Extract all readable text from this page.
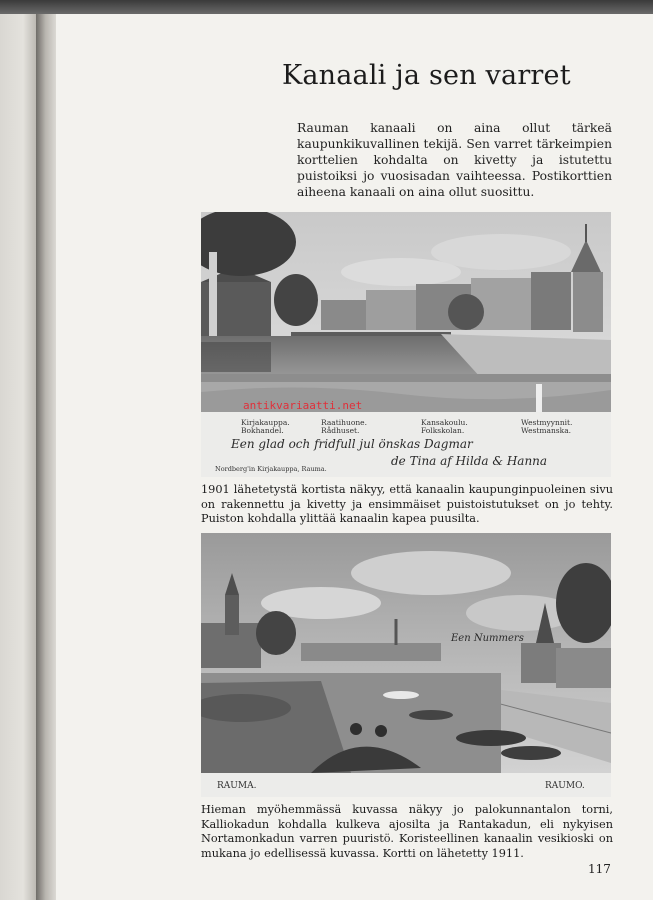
Kanaali ja sen varret
Rauman kanaali on aina ollut tärkeä kaupunkikuvallinen tekijä. Sen varret tärkeimpien korttelien kohdalta on kivetty ja istutettu puistoiksi jo vuosisadan vaihteessa. Postikorttien aiheena kanaali on aina ollut suosittu.
Kirjakauppa. Bokhandel.
Raatihuone. Rådhuset.
Kansakoulu. Folkskolan.
Westmyynnit. Westmanska.
Een glad och fridfull jul önskas Dagmar
de Tina af Hilda & Hanna
Nordberg'in Kirjakauppa, Rauma.
antikvariaatti.net
1901 lähetetystä kortista näkyy, että kanaalin kaupunginpuoleinen sivu on rakennettu ja kivetty ja ensimmäiset puistoistutukset on jo tehty. Puiston kohdalla ylittää kanaalin kapea puusilta.
RAUMA.	RAUMO.
Een Nummers
Hieman myöhemmässä kuvassa näkyy jo palokunnantalon torni, Kalliokadun kohdalla kulkeva ajosilta ja Rantakadun, eli nykyisen Nortamonkadun varren puuristö. Koristeellinen kanaalin vesikioski on mukana jo edellisessä kuvassa. Kortti on lähetetty 1911.
117
